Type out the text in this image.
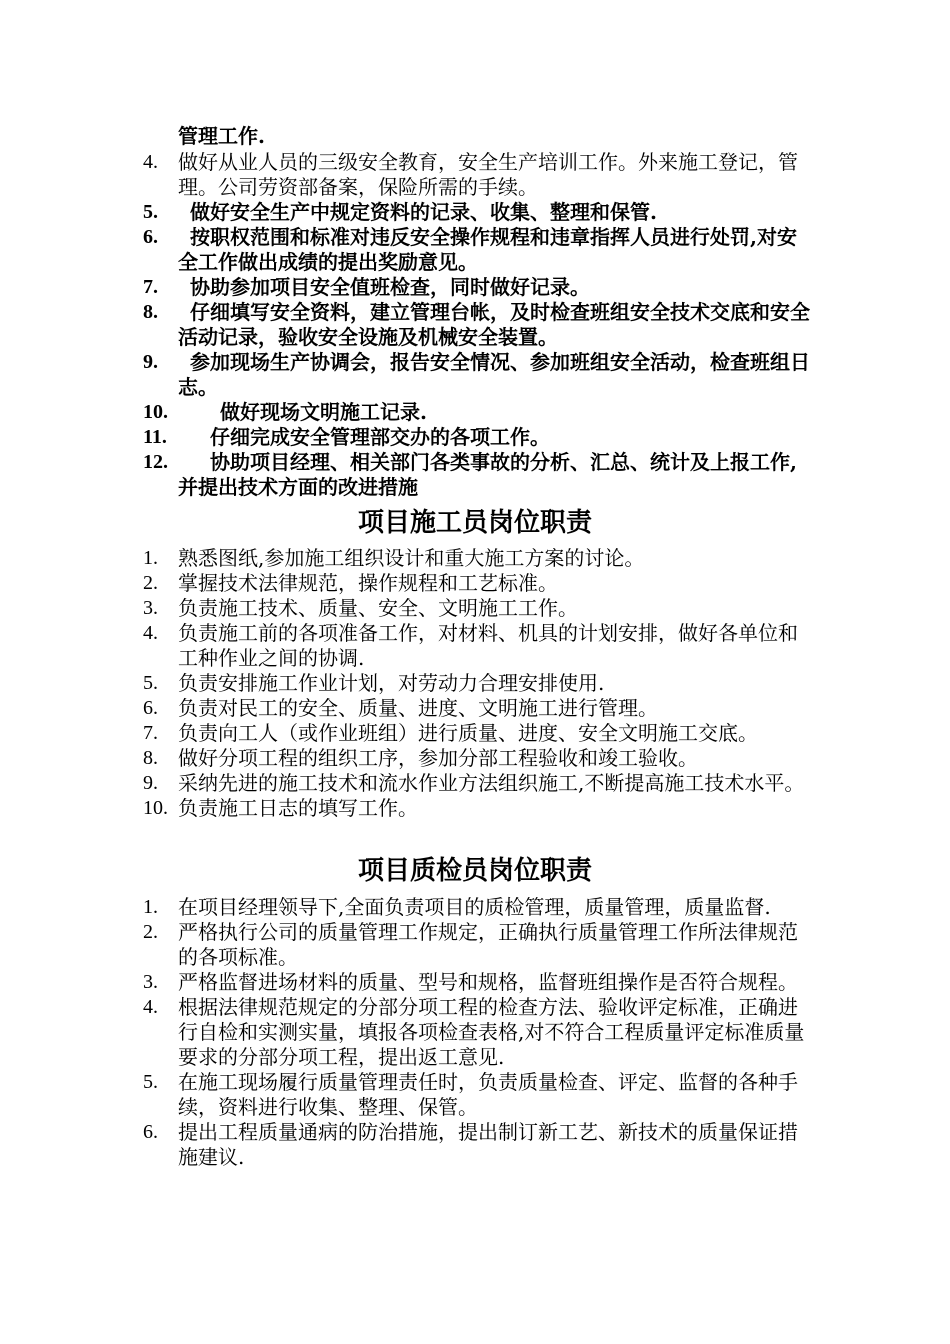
管理工作.
4. 做好从业人员的三级安全教育，安全生产培训工作。外来施工登记，管理。公司劳资部备案，保险所需的手续。
5. 做好安全生产中规定资料的记录、收集、整理和保管.
6. 按职权范围和标准对违反安全操作规程和违章指挥人员进行处罚,对安全工作做出成绩的提出奖励意见。
7. 协助参加项目安全值班检查，同时做好记录。
8. 仔细填写安全资料，建立管理台帐，及时检查班组安全技术交底和安全活动记录，验收安全设施及机械安全装置。
9. 参加现场生产协调会，报告安全情况、参加班组安全活动，检查班组日志。
10.	做好现场文明施工记录.
11. 仔细完成安全管理部交办的各项工作。
12. 协助项目经理、相关部门各类事故的分析、汇总、统计及上报工作,并提出技术方面的改进措施
项目施工员岗位职责
1. 熟悉图纸,参加施工组织设计和重大施工方案的讨论。
2. 掌握技术法律规范，操作规程和工艺标准。
3. 负责施工技术、质量、安全、文明施工工作。
4. 负责施工前的各项准备工作，对材料、机具的计划安排，做好各单位和工种作业之间的协调.
5. 负责安排施工作业计划，对劳动力合理安排使用.
6. 负责对民工的安全、质量、进度、文明施工进行管理。
7. 负责向工人（或作业班组）进行质量、进度、安全文明施工交底。
8. 做好分项工程的组织工序，参加分部工程验收和竣工验收。
9. 采纳先进的施工技术和流水作业方法组织施工,不断提高施工技术水平。
10. 负责施工日志的填写工作。
项目质检员岗位职责
1. 在项目经理领导下,全面负责项目的质检管理，质量管理，质量监督.
2. 严格执行公司的质量管理工作规定，正确执行质量管理工作所法律规范的各项标准。
3. 严格监督进场材料的质量、型号和规格，监督班组操作是否符合规程。
4. 根据法律规范规定的分部分项工程的检查方法、验收评定标准，正确进行自检和实测实量，填报各项检查表格,对不符合工程质量评定标准质量要求的分部分项工程，提出返工意见.
5. 在施工现场履行质量管理责任时，负责质量检查、评定、监督的各种手续，资料进行收集、整理、保管。
6. 提出工程质量通病的防治措施，提出制订新工艺、新技术的质量保证措施建议.
